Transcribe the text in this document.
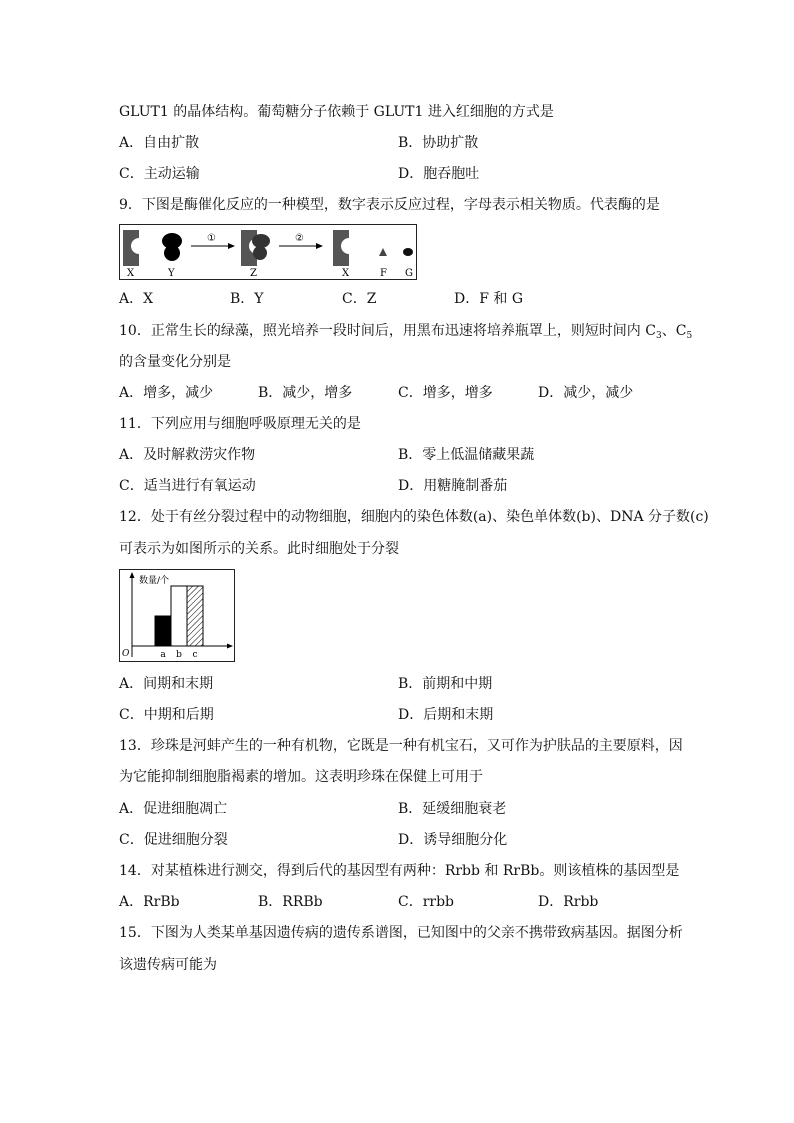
GLUT1 的晶体结构。葡萄糖分子依赖于 GLUT1 进入红细胞的方式是
A．自由扩散	B．协助扩散
C．主动运输	D．胞吞胞吐
9．下图是酶催化反应的一种模型，数字表示反应过程，字母表示相关物质。代表酶的是
①	②
X	Y	Z	X	F G
A．X	B．Y	C．Z	D．F 和 G
10．正常生长的绿藻，照光培养一段时间后，用黑布迅速将培养瓶罩上，则短时间内 $C_3$、$C_5$
的含量变化分别是
A．增多，减少	B．减少，增多	C．增多，增多	D．减少，减少
11．下列应用与细胞呼吸原理无关的是
A．及时解救涝灾作物	B．零上低温储藏果蔬
C．适当进行有氧运动	D．用糖腌制番茄
12．处于有丝分裂过程中的动物细胞，细胞内的染色体数(a)、染色单体数(b)、DNA 分子数(c)
可表示为如图所示的关系。此时细胞处于分裂
数量/个
O	a b c
A．间期和末期	B．前期和中期
C．中期和后期	D．后期和末期
13．珍珠是河蚌产生的一种有机物，它既是一种有机宝石，又可作为护肤品的主要原料，因
为它能抑制细胞脂褐素的增加。这表明珍珠在保健上可用于
A．促进细胞凋亡	B．延缓细胞衰老
C．促进细胞分裂	D．诱导细胞分化
14．对某植株进行测交，得到后代的基因型有两种：Rrbb 和 RrBb。则该植株的基因型是
A．RrBb	B．RRBb	C．rrbb	D．Rrbb
15．下图为人类某单基因遗传病的遗传系谱图，已知图中的父亲不携带致病基因。据图分析
该遗传病可能为
